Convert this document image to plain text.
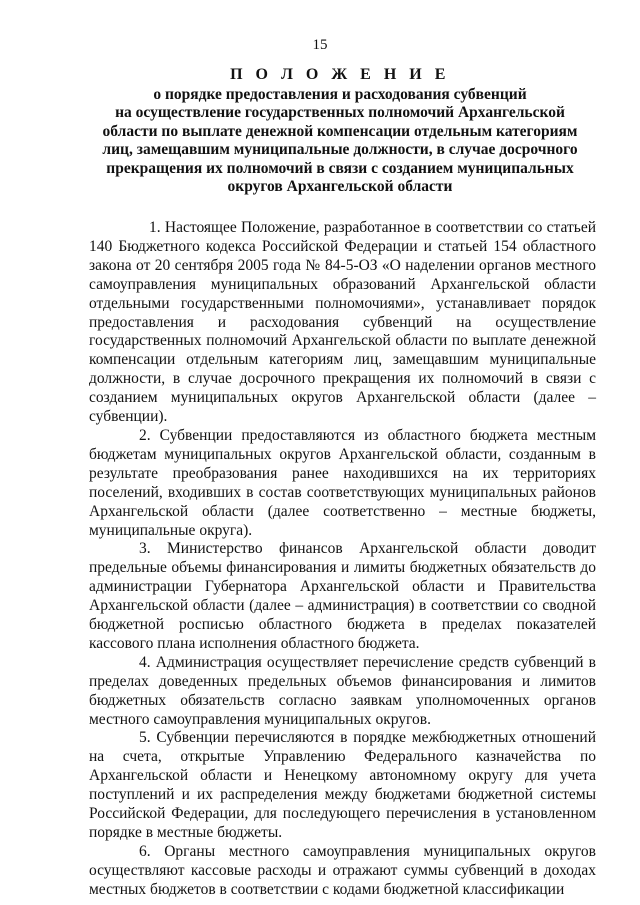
15
П О Л О Ж Е Н И Е
о порядке предоставления и расходования субвенций
на осуществление государственных полномочий Архангельской
области по выплате денежной компенсации отдельным категориям
лиц, замещавшим муниципальные должности, в случае досрочного
прекращения их полномочий в связи с созданием муниципальных
округов Архангельской области

1. Настоящее Положение, разработанное в соответствии со статьей 140 Бюджетного кодекса Российской Федерации и статьей 154 областного закона от 20 сентября 2005 года № 84-5-ОЗ «О наделении органов местного самоуправления муниципальных образований Архангельской области отдельными государственными полномочиями», устанавливает порядок предоставления и расходования субвенций на осуществление государственных полномочий Архангельской области по выплате денежной компенсации отдельным категориям лиц, замещавшим муниципальные должности, в случае досрочного прекращения их полномочий в связи с созданием муниципальных округов Архангельской области (далее – субвенции).

2. Субвенции предоставляются из областного бюджета местным бюджетам муниципальных округов Архангельской области, созданным в результате преобразования ранее находившихся на их территориях поселений, входивших в состав соответствующих муниципальных районов Архангельской области (далее соответственно – местные бюджеты, муниципальные округа).

3. Министерство финансов Архангельской области доводит предельные объемы финансирования и лимиты бюджетных обязательств до администрации Губернатора Архангельской области и Правительства Архангельской области (далее – администрация) в соответствии со сводной бюджетной росписью областного бюджета в пределах показателей кассового плана исполнения областного бюджета.

4. Администрация осуществляет перечисление средств субвенций в пределах доведенных предельных объемов финансирования и лимитов бюджетных обязательств согласно заявкам уполномоченных органов местного самоуправления муниципальных округов.

5. Субвенции перечисляются в порядке межбюджетных отношений на счета, открытые Управлению Федерального казначейства по Архангельской области и Ненецкому автономному округу для учета поступлений и их распределения между бюджетами бюджетной системы Российской Федерации, для последующего перечисления в установленном порядке в местные бюджеты.

6. Органы местного самоуправления муниципальных округов осуществляют кассовые расходы и отражают суммы субвенций в доходах местных бюджетов в соответствии с кодами бюджетной классификации
